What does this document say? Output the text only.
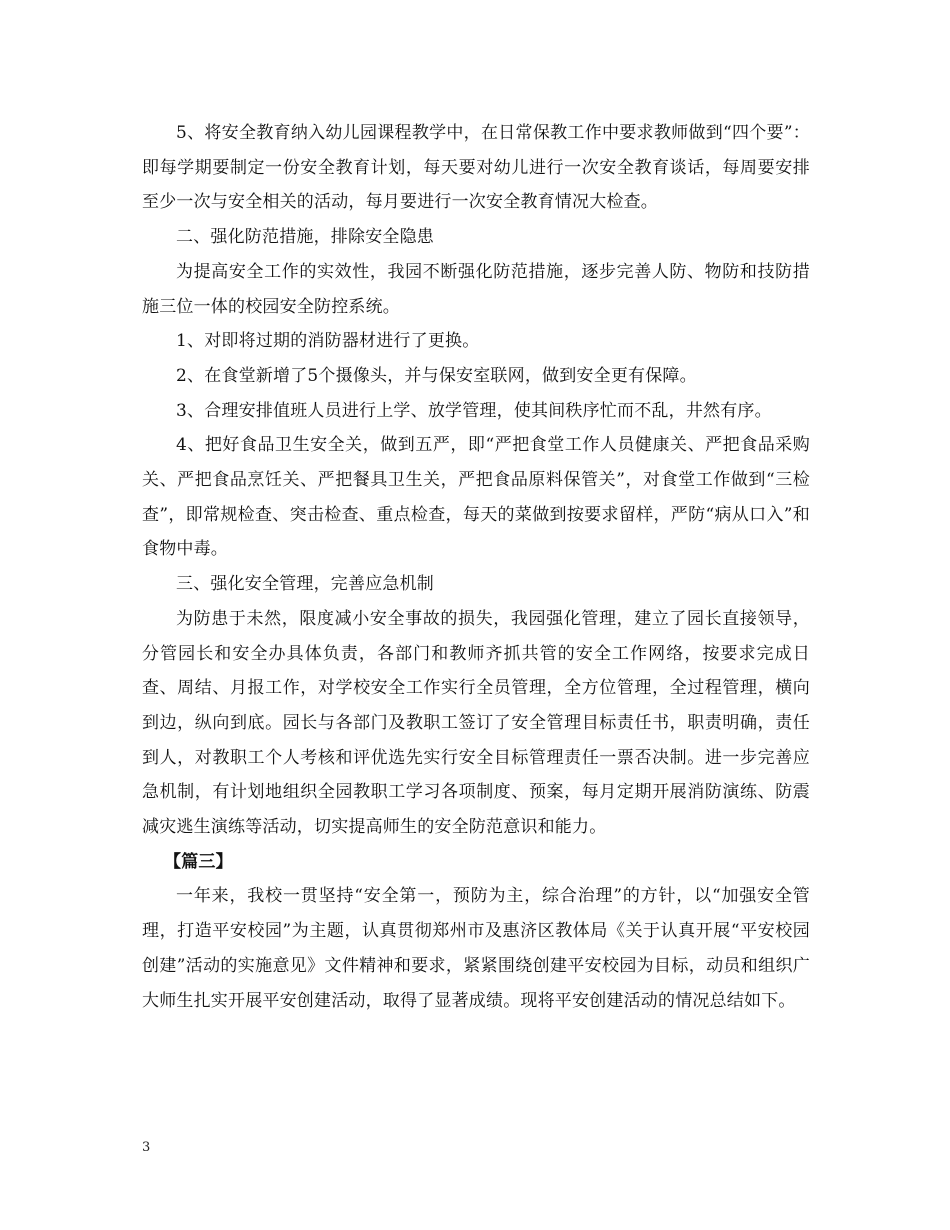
5、将安全教育纳入幼儿园课程教学中，在日常保教工作中要求教师做到“四个要”：即每学期要制定一份安全教育计划，每天要对幼儿进行一次安全教育谈话，每周要安排至少一次与安全相关的活动，每月要进行一次安全教育情况大检查。

二、强化防范措施，排除安全隐患

为提高安全工作的实效性，我园不断强化防范措施，逐步完善人防、物防和技防措施三位一体的校园安全防控系统。

1、对即将过期的消防器材进行了更换。

2、在食堂新增了5个摄像头，并与保安室联网，做到安全更有保障。

3、合理安排值班人员进行上学、放学管理，使其间秩序忙而不乱，井然有序。

4、把好食品卫生安全关，做到五严，即“严把食堂工作人员健康关、严把食品采购关、严把食品烹饪关、严把餐具卫生关，严把食品原料保管关”，对食堂工作做到“三检查”，即常规检查、突击检查、重点检查，每天的菜做到按要求留样，严防“病从口入”和食物中毒。

三、强化安全管理，完善应急机制

为防患于未然，限度减小安全事故的损失，我园强化管理，建立了园长直接领导，分管园长和安全办具体负责，各部门和教师齐抓共管的安全工作网络，按要求完成日查、周结、月报工作，对学校安全工作实行全员管理，全方位管理，全过程管理，横向到边，纵向到底。园长与各部门及教职工签订了安全管理目标责任书，职责明确，责任到人，对教职工个人考核和评优选先实行安全目标管理责任一票否决制。进一步完善应急机制，有计划地组织全园教职工学习各项制度、预案，每月定期开展消防演练、防震减灾逃生演练等活动，切实提高师生的安全防范意识和能力。

【篇三】

一年来，我校一贯坚持“安全第一，预防为主，综合治理”的方针，以“加强安全管理，打造平安校园”为主题，认真贯彻郑州市及惠济区教体局《关于认真开展“平安校园创建”活动的实施意见》文件精神和要求，紧紧围绕创建平安校园为目标，动员和组织广大师生扎实开展平安创建活动，取得了显著成绩。现将平安创建活动的情况总结如下。

3
